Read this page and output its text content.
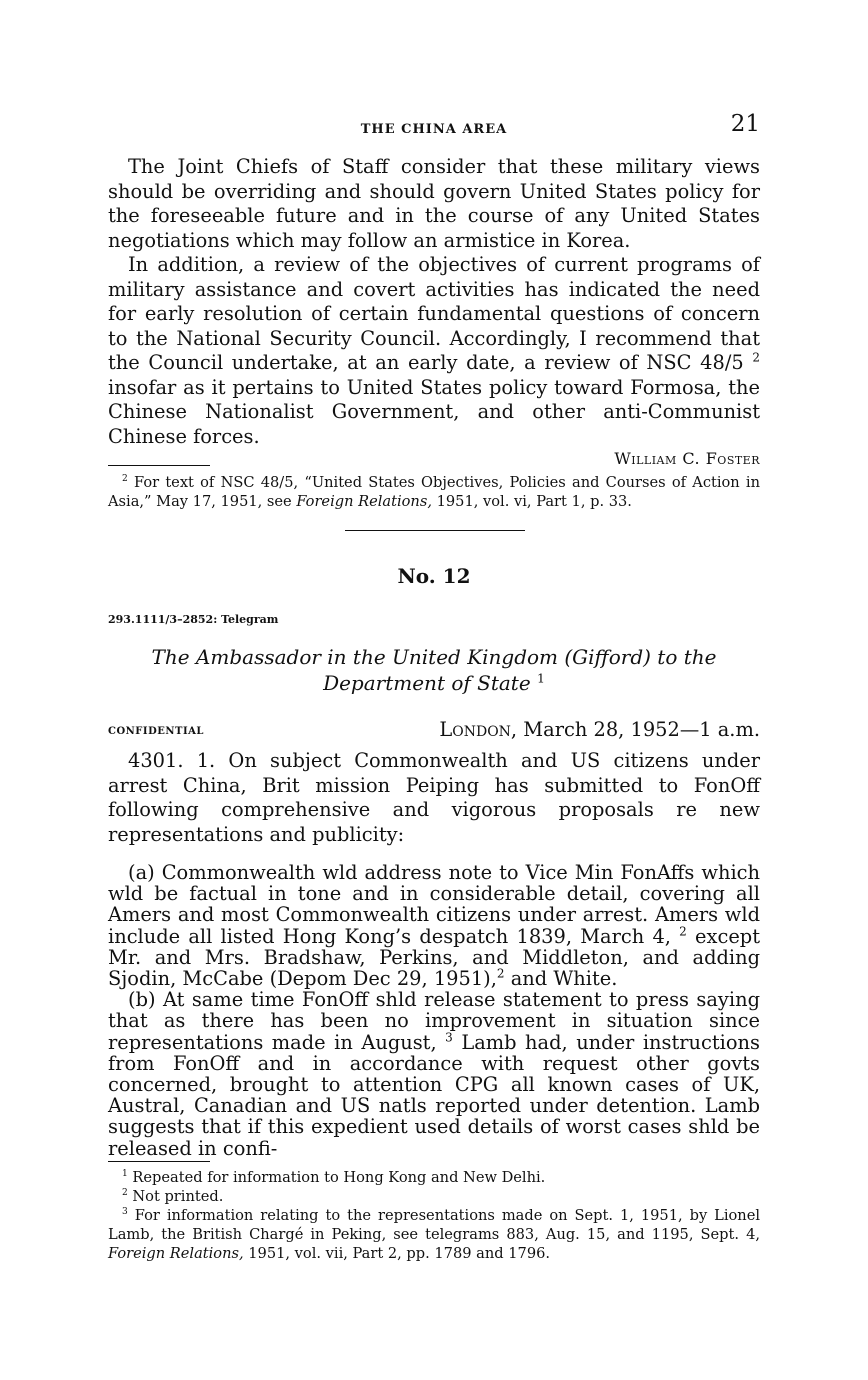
THE CHINA AREA	21

The Joint Chiefs of Staff consider that these military views should be overriding and should govern United States policy for the foreseeable future and in the course of any United States negotiations which may follow an armistice in Korea.

In addition, a review of the objectives of current programs of military assistance and covert activities has indicated the need for early resolution of certain fundamental questions of concern to the National Security Council. Accordingly, I recommend that the Council undertake, at an early date, a review of NSC 48/5 $^2$ insofar as it pertains to United States policy toward Formosa, the Chinese Nationalist Government, and other anti-Communist Chinese forces.

William C. Foster

$^2$ For text of NSC 48/5, “United States Objectives, Policies and Courses of Action in Asia,” May 17, 1951, see Foreign Relations, 1951, vol. vi, Part 1, p. 33.

No. 12
293.1111/3–2852: Telegram
The Ambassador in the United Kingdom (Gifford) to the
Department of State $^1$
confidential	London, March 28, 1952—1 a.m.

4301. 1. On subject Commonwealth and US citizens under arrest China, Brit mission Peiping has submitted to FonOff following comprehensive and vigorous proposals re new representations and publicity:

(a) Commonwealth wld address note to Vice Min FonAffs which wld be factual in tone and in considerable detail, covering all Amers and most Commonwealth citizens under arrest. Amers wld include all listed Hong Kong’s despatch 1839, March 4, $^2$ except Mr. and Mrs. Bradshaw, Perkins, and Middleton, and adding Sjodin, McCabe (Depom Dec 29, 1951),$^2$ and White.

(b) At same time FonOff shld release statement to press saying that as there has been no improvement in situation since representations made in August, $^3$ Lamb had, under instructions from FonOff and in accordance with request other govts concerned, brought to attention CPG all known cases of UK, Austral, Canadian and US natls reported under detention. Lamb suggests that if this expedient used details of worst cases shld be released in confi-

$^1$ Repeated for information to Hong Kong and New Delhi.

$^2$ Not printed.

$^3$ For information relating to the representations made on Sept. 1, 1951, by Lionel Lamb, the British Chargé in Peking, see telegrams 883, Aug. 15, and 1195, Sept. 4, Foreign Relations, 1951, vol. vii, Part 2, pp. 1789 and 1796.
